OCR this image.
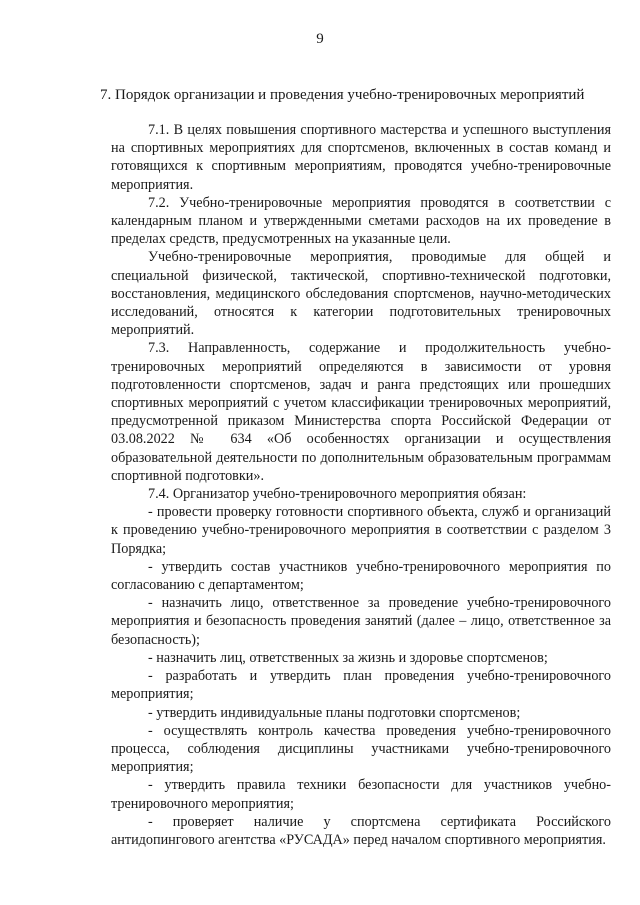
9
7. Порядок организации и проведения учебно-тренировочных мероприятий

7.1. В целях повышения спортивного мастерства и успешного выступления на спортивных мероприятиях для спортсменов, включенных в состав команд и готовящихся к спортивным мероприятиям, проводятся учебно-тренировочные мероприятия.

7.2. Учебно-тренировочные мероприятия проводятся в соответствии с календарным планом и утвержденными сметами расходов на их проведение в пределах средств, предусмотренных на указанные цели.

Учебно-тренировочные мероприятия, проводимые для общей и специальной физической, тактической, спортивно-технической подготовки, восстановления, медицинского обследования спортсменов, научно-методических исследований, относятся к категории подготовительных тренировочных мероприятий.

7.3. Направленность, содержание и продолжительность учебно-тренировочных мероприятий определяются в зависимости от уровня подготовленности спортсменов, задач и ранга предстоящих или прошедших спортивных мероприятий с учетом классификации тренировочных мероприятий, предусмотренной приказом Министерства спорта Российской Федерации от 03.08.2022 № 634 «Об особенностях организации и осуществления образовательной деятельности по дополнительным образовательным программам спортивной подготовки».

7.4. Организатор учебно-тренировочного мероприятия обязан:

- провести проверку готовности спортивного объекта, служб и организаций к проведению учебно-тренировочного мероприятия в соответствии с разделом 3 Порядка;

- утвердить состав участников учебно-тренировочного мероприятия по согласованию с департаментом;

- назначить лицо, ответственное за проведение учебно-тренировочного мероприятия и безопасность проведения занятий (далее – лицо, ответственное за безопасность);

- назначить лиц, ответственных за жизнь и здоровье спортсменов;

- разработать и утвердить план проведения учебно-тренировочного мероприятия;

- утвердить индивидуальные планы подготовки спортсменов;

- осуществлять контроль качества проведения учебно-тренировочного процесса, соблюдения дисциплины участниками учебно-тренировочного мероприятия;

- утвердить правила техники безопасности для участников учебно-тренировочного мероприятия;

- проверяет наличие у спортсмена сертификата Российского антидопингового агентства «РУСАДА» перед началом спортивного мероприятия.
